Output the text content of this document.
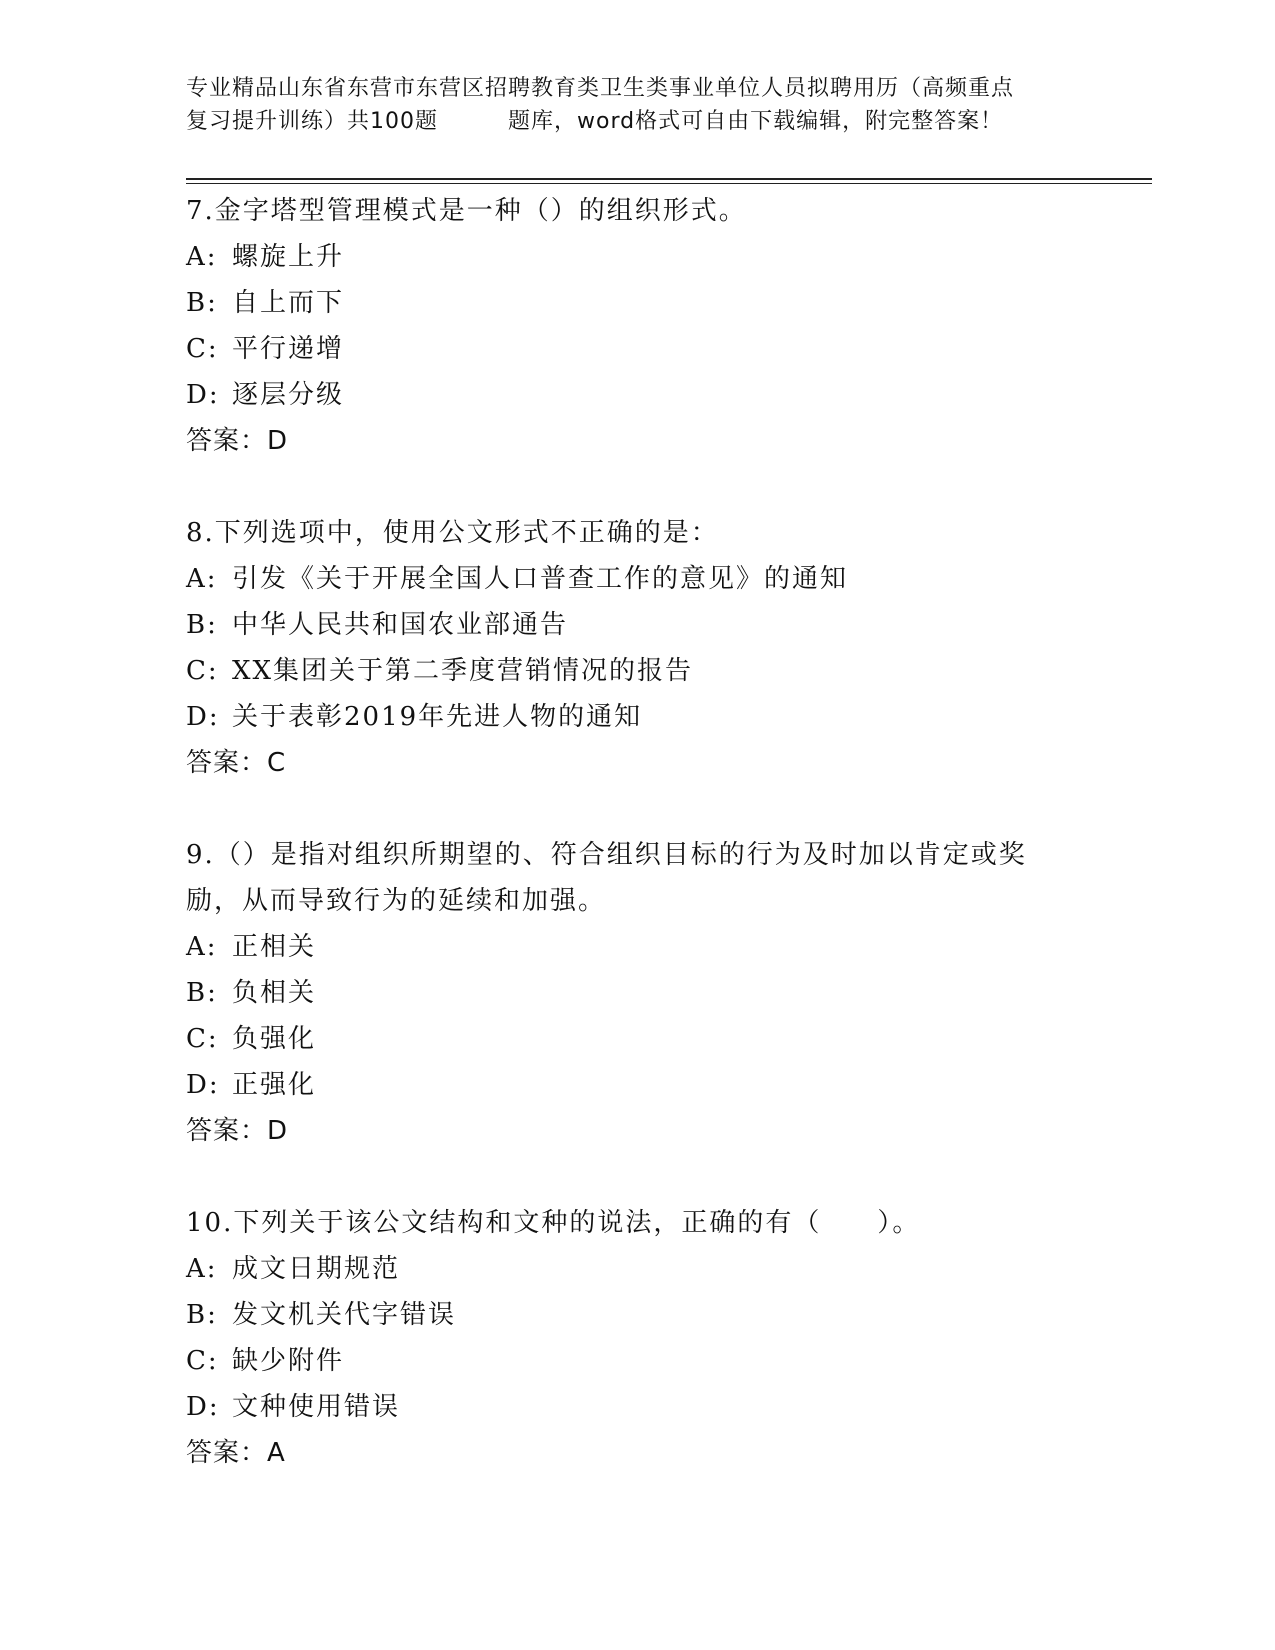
专业精品山东省东营市东营区招聘教育类卫生类事业单位人员拟聘用历（高频重点
复习提升训练）共100题	题库，word格式可自由下载编辑，附完整答案！
7.金字塔型管理模式是一种（）的组织形式。
A: 螺旋上升
B: 自上而下
C: 平行递增
D: 逐层分级
答案：D
8.下列选项中，使用公文形式不正确的是：
A: 引发《关于开展全国人口普查工作的意见》的通知
B: 中华人民共和国农业部通告
C: XX集团关于第二季度营销情况的报告
D: 关于表彰2019年先进人物的通知
答案：C
9.（）是指对组织所期望的、符合组织目标的行为及时加以肯定或奖励，从而导致行为的延续和加强。
A: 正相关
B: 负相关
C: 负强化
D: 正强化
答案：D
10.下列关于该公文结构和文种的说法，正确的有（　　）。
A: 成文日期规范
B: 发文机关代字错误
C: 缺少附件
D: 文种使用错误
答案：A
